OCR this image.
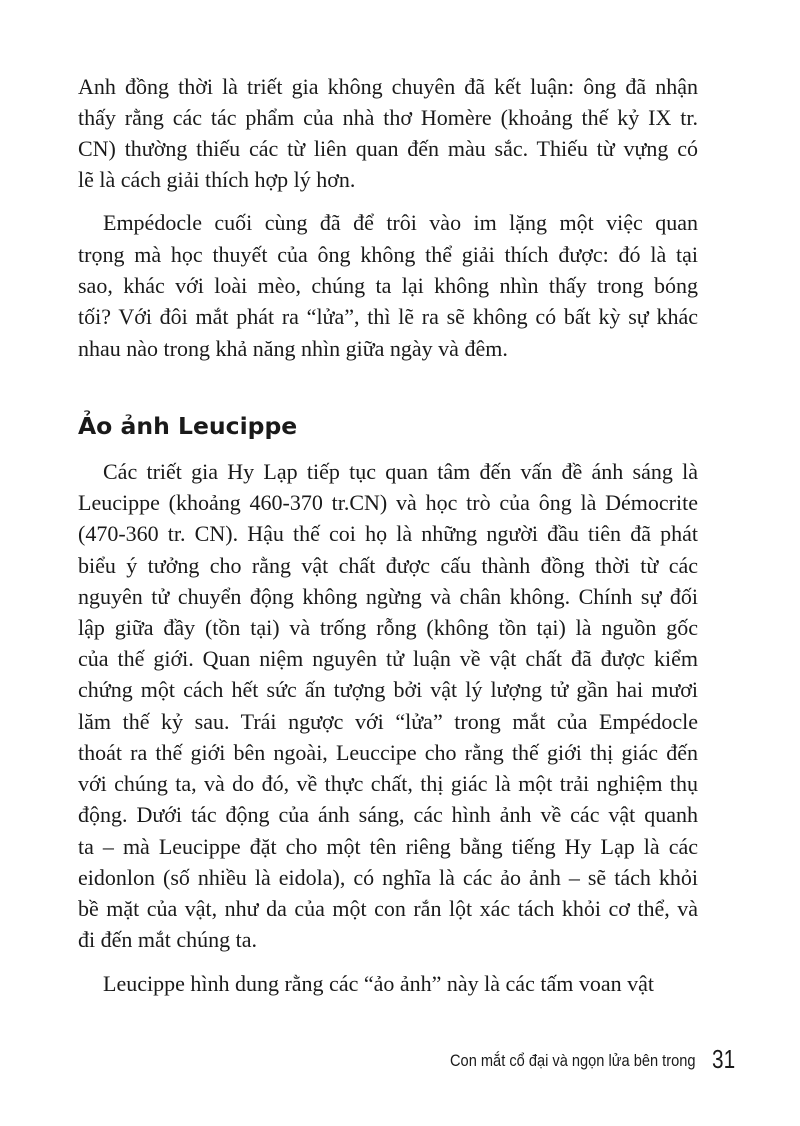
Anh đồng thời là triết gia không chuyên đã kết luận: ông đã nhận
thấy rằng các tác phẩm của nhà thơ Homère (khoảng thế kỷ IX tr.
CN) thường thiếu các từ liên quan đến màu sắc. Thiếu từ vựng có
lẽ là cách giải thích hợp lý hơn.
Empédocle cuối cùng đã để trôi vào im lặng một việc quan
trọng mà học thuyết của ông không thể giải thích được: đó là tại
sao, khác với loài mèo, chúng ta lại không nhìn thấy trong bóng
tối? Với đôi mắt phát ra “lửa”, thì lẽ ra sẽ không có bất kỳ sự khác
nhau nào trong khả năng nhìn giữa ngày và đêm.
Ảo ảnh Leucippe
Các triết gia Hy Lạp tiếp tục quan tâm đến vấn đề ánh sáng là
Leucippe (khoảng 460-370 tr.CN) và học trò của ông là Démocrite
(470-360 tr. CN). Hậu thế coi họ là những người đầu tiên đã phát
biểu ý tưởng cho rằng vật chất được cấu thành đồng thời từ các
nguyên tử chuyển động không ngừng và chân không. Chính sự đối
lập giữa đầy (tồn tại) và trống rỗng (không tồn tại) là nguồn gốc
của thế giới. Quan niệm nguyên tử luận về vật chất đã được kiểm
chứng một cách hết sức ấn tượng bởi vật lý lượng tử gần hai mươi
lăm thế kỷ sau. Trái ngược với “lửa” trong mắt của Empédocle
thoát ra thế giới bên ngoài, Leuccipe cho rằng thế giới thị giác đến
với chúng ta, và do đó, về thực chất, thị giác là một trải nghiệm thụ
động. Dưới tác động của ánh sáng, các hình ảnh về các vật quanh
ta – mà Leucippe đặt cho một tên riêng bằng tiếng Hy Lạp là các
eidonlon (số nhiều là eidola), có nghĩa là các ảo ảnh – sẽ tách khỏi
bề mặt của vật, như da của một con rắn lột xác tách khỏi cơ thể, và
đi đến mắt chúng ta.
Leucippe hình dung rằng các “ảo ảnh” này là các tấm voan vật
Con mắt cổ đại và ngọn lửa bên trong 31
